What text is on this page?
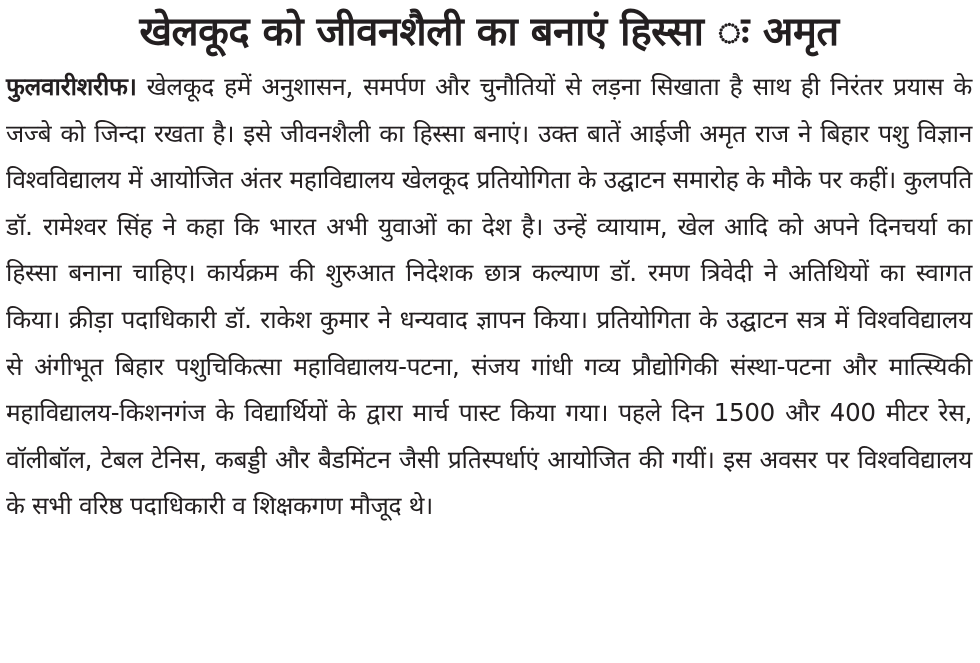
खेलकूद को जीवनशैली का बनाएं हिस्सा ः अमृत

फुलवारीशरीफ। खेलकूद हमें अनुशासन, समर्पण और चुनौतियों से लड़ना सिखाता है साथ ही निरंतर प्रयास के जज्बे को जिन्दा रखता है। इसे जीवनशैली का हिस्सा बनाएं। उक्त बातें आईजी अमृत राज ने बिहार पशु विज्ञान विश्वविद्यालय में आयोजित अंतर महाविद्यालय खेलकूद प्रतियोगिता के उद्घाटन समारोह के मौके पर कहीं। कुलपति डॉ. रामेश्वर सिंह ने कहा कि भारत अभी युवाओं का देश है। उन्हें व्यायाम, खेल आदि को अपने दिनचर्या का हिस्सा बनाना चाहिए। कार्यक्रम की शुरुआत निदेशक छात्र कल्याण डॉ. रमण त्रिवेदी ने अतिथियों का स्वागत किया। क्रीड़ा पदाधिकारी डॉ. राकेश कुमार ने धन्यवाद ज्ञापन किया। प्रतियोगिता के उद्घाटन सत्र में विश्वविद्यालय से अंगीभूत बिहार पशुचिकित्सा महाविद्यालय-पटना, संजय गांधी गव्य प्रौद्योगिकी संस्था-पटना और मात्स्यिकी महाविद्यालय-किशनगंज के विद्यार्थियों के द्वारा मार्च पास्ट किया गया। पहले दिन 1500 और 400 मीटर रेस, वॉलीबॉल, टेबल टेनिस, कबड्डी और बैडमिंटन जैसी प्रतिस्पर्धाएं आयोजित की गयीं। इस अवसर पर विश्वविद्यालय के सभी वरिष्ठ पदाधिकारी व शिक्षकगण मौजूद थे।
